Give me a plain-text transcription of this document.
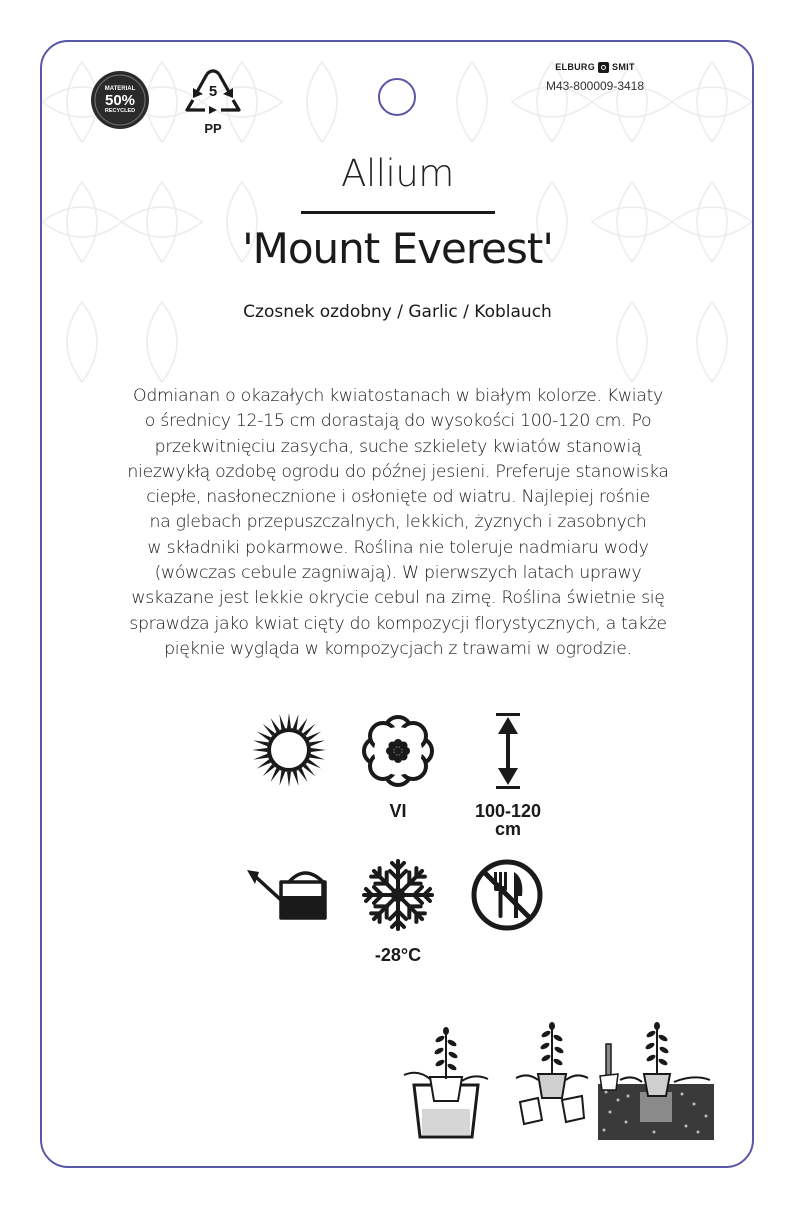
MATERIAL
50%
RECYCLED
5
PP
ELBURG SMIT
M43-800009-3418
Allium
'Mount Everest'
Czosnek ozdobny / Garlic / Koblauch
Odmianan o okazałych kwiatostanach w białym kolorze. Kwiaty
o średnicy 12-15 cm dorastają do wysokości 100-120 cm. Po
przekwitnięciu zasycha, suche szkielety kwiatów stanowią
niezwykłą ozdobę ogrodu do późnej jesieni. Preferuje stanowiska
ciepłe, nasłonecznione i osłonięte od wiatru. Najlepiej rośnie
na glebach przepuszczalnych, lekkich, żyznych i zasobnych
w składniki pokarmowe. Roślina nie toleruje nadmiaru wody
(wówczas cebule zagniwają). W pierwszych latach uprawy
wskazane jest lekkie okrycie cebul na zimę. Roślina świetnie się
sprawdza jako kwiat cięty do kompozycji florystycznych, a także
pięknie wygląda w kompozycjach z trawami w ogrodzie.
VI	100-120
cm
-28°C
